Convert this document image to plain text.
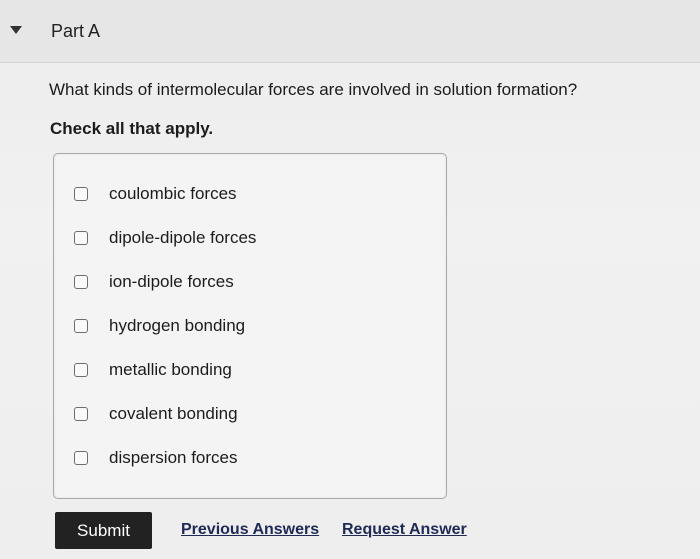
Part A
What kinds of intermolecular forces are involved in solution formation?
Check all that apply.
coulombic forces
dipole-dipole forces
ion-dipole forces
hydrogen bonding
metallic bonding
covalent bonding
dispersion forces
Submit	Previous Answers Request Answer
